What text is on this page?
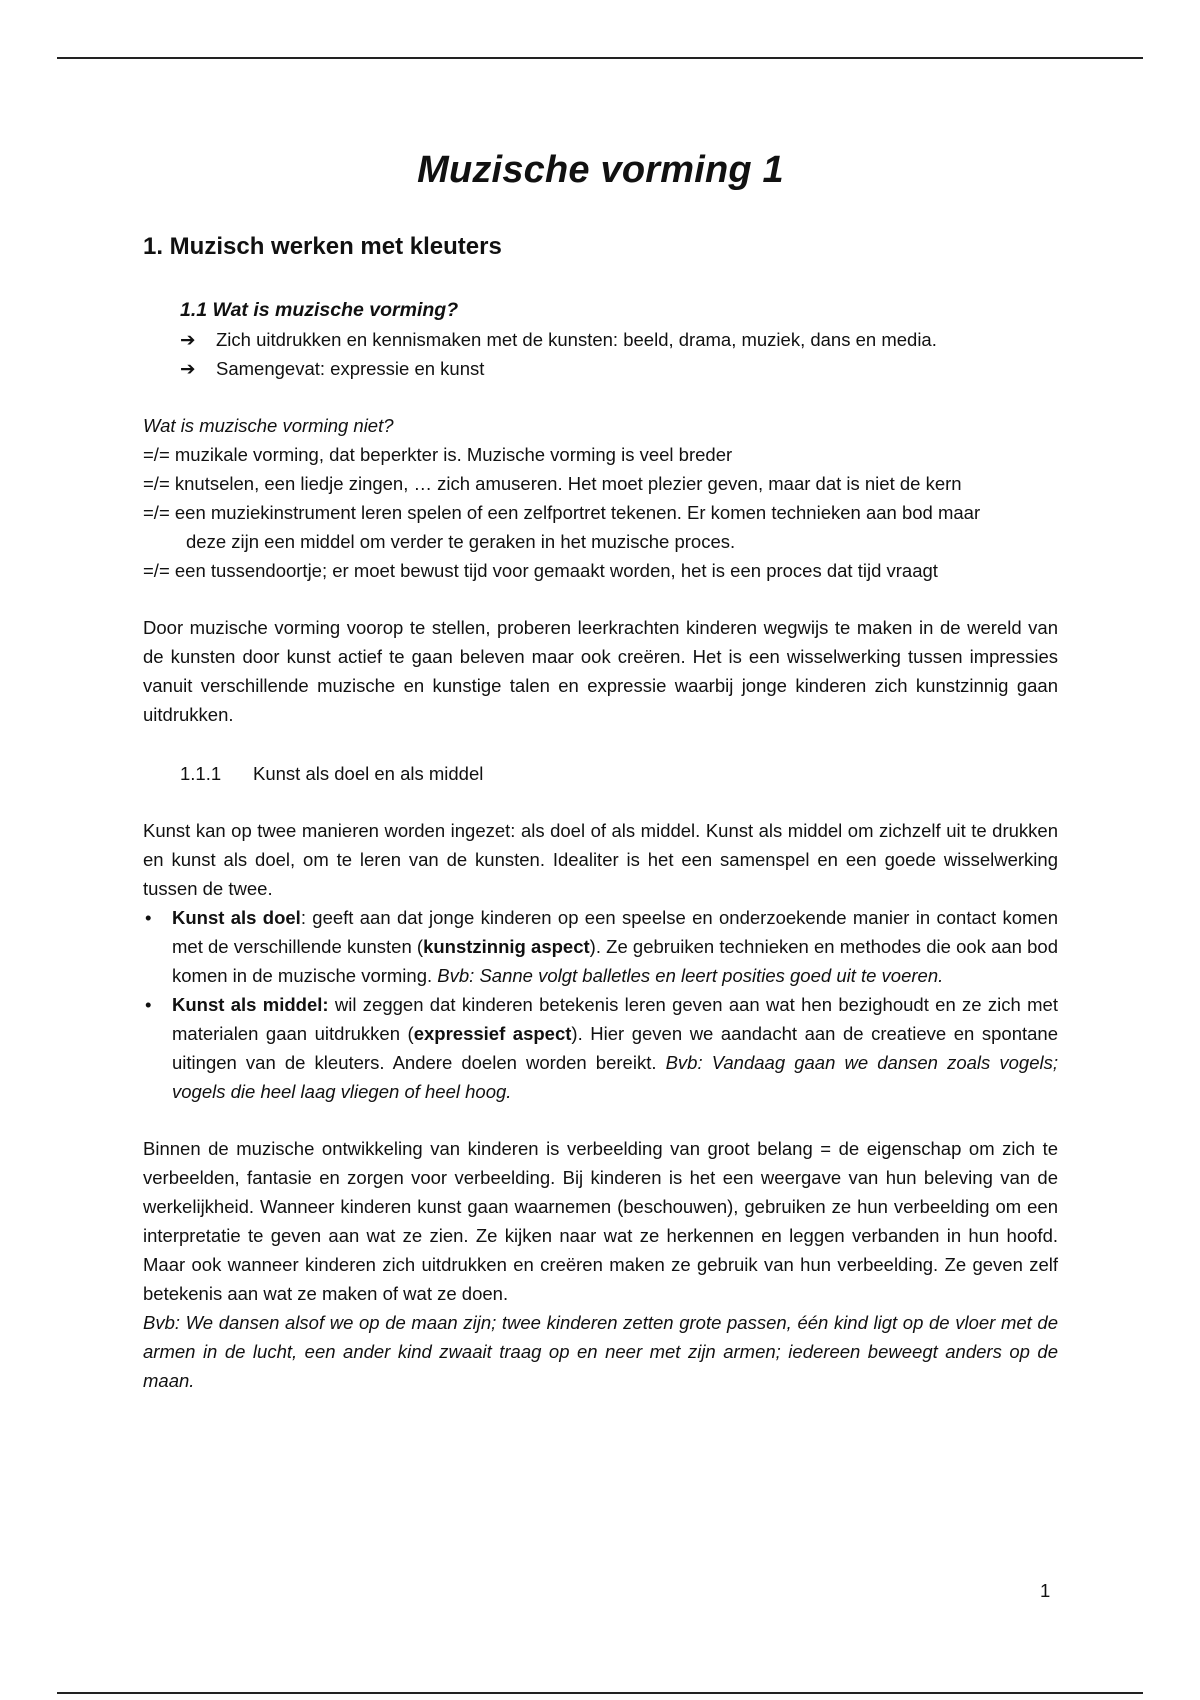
Muzische vorming 1
1. Muzisch werken met kleuters
1.1 Wat is muzische vorming?
➔ Zich uitdrukken en kennismaken met de kunsten: beeld, drama, muziek, dans en media.
➔ Samengevat: expressie en kunst
Wat is muzische vorming niet?

=/= muzikale vorming, dat beperkter is. Muzische vorming is veel breder

=/= knutselen, een liedje zingen, … zich amuseren. Het moet plezier geven, maar dat is niet de kern

=/= een muziekinstrument leren spelen of een zelfportret tekenen. Er komen technieken aan bod maar

deze zijn een middel om verder te geraken in het muzische proces.

=/= een tussendoortje; er moet bewust tijd voor gemaakt worden, het is een proces dat tijd vraagt

Door muzische vorming voorop te stellen, proberen leerkrachten kinderen wegwijs te maken in de wereld van de kunsten door kunst actief te gaan beleven maar ook creëren. Het is een wisselwerking tussen impressies vanuit verschillende muzische en kunstige talen en expressie waarbij jonge kinderen zich kunstzinnig gaan uitdrukken.

1.1.1 Kunst als doel en als middel

Kunst kan op twee manieren worden ingezet: als doel of als middel. Kunst als middel om zichzelf uit te drukken en kunst als doel, om te leren van de kunsten. Idealiter is het een samenspel en een goede wisselwerking tussen de twee.

• Kunst als doel: geeft aan dat jonge kinderen op een speelse en onderzoekende manier in contact komen met de verschillende kunsten (kunstzinnig aspect). Ze gebruiken technieken en methodes die ook aan bod komen in de muzische vorming. Bvb: Sanne volgt balletles en leert posities goed uit te voeren.
• Kunst als middel: wil zeggen dat kinderen betekenis leren geven aan wat hen bezighoudt en ze zich met materialen gaan uitdrukken (expressief aspect). Hier geven we aandacht aan de creatieve en spontane uitingen van de kleuters. Andere doelen worden bereikt. Bvb: Vandaag gaan we dansen zoals vogels; vogels die heel laag vliegen of heel hoog.

Binnen de muzische ontwikkeling van kinderen is verbeelding van groot belang = de eigenschap om zich te verbeelden, fantasie en zorgen voor verbeelding. Bij kinderen is het een weergave van hun beleving van de werkelijkheid. Wanneer kinderen kunst gaan waarnemen (beschouwen), gebruiken ze hun verbeelding om een interpretatie te geven aan wat ze zien. Ze kijken naar wat ze herkennen en leggen verbanden in hun hoofd. Maar ook wanneer kinderen zich uitdrukken en creëren maken ze gebruik van hun verbeelding. Ze geven zelf betekenis aan wat ze maken of wat ze doen.

Bvb: We dansen alsof we op de maan zijn; twee kinderen zetten grote passen, één kind ligt op de vloer met de armen in de lucht, een ander kind zwaait traag op en neer met zijn armen; iedereen beweegt anders op de maan.
1
